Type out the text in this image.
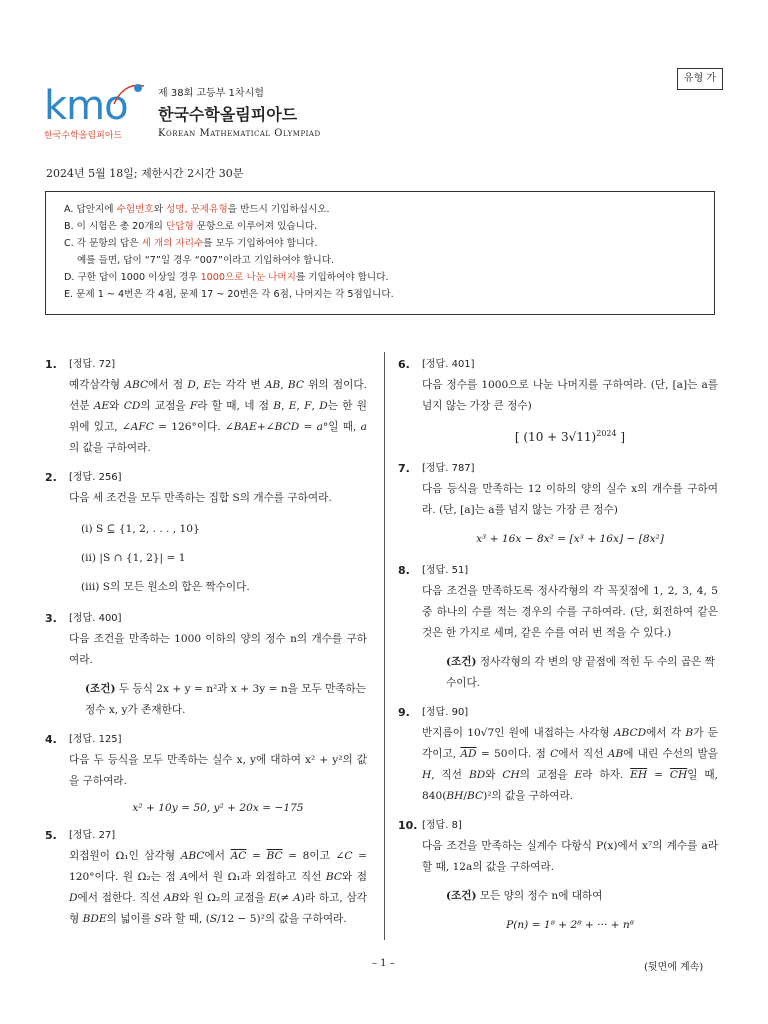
kmo
한국수학올림피아드
제 38회 고등부 1차시험
한국수학올림피아드
Korean Mathematical Olympiad
유형 가
2024년 5월 18일; 제한시간 2시간 30분

A. 답안지에 수험번호와 성명, 문제유형을 반드시 기입하십시오.

B. 이 시험은 총 20개의 단답형 문항으로 이루어져 있습니다.

C. 각 문항의 답은 세 개의 자리수를 모두 기입하여야 합니다.

예를 들면, 답이 “7”일 경우 “007”이라고 기입하여야 합니다.

D. 구한 답이 1000 이상일 경우 1000으로 나눈 나머지를 기입하여야 합니다.

E. 문제 1 ~ 4번은 각 4점, 문제 17 ~ 20번은 각 6점, 나머지는 각 5점입니다.

1. [정답. 72]
예각삼각형 ABC에서 점 D, E는 각각 변 AB, BC 위의 점이다. 선분 AE와 CD의 교점을 F라 할 때, 네 점 B, E, F, D는 한 원 위에 있고, ∠AFC = 126°이다. ∠BAE+∠BCD = a°일 때, a의 값을 구하여라.
2. [정답. 256]
다음 세 조건을 모두 만족하는 집합 S의 개수를 구하여라.
(i) S ⊆ {1, 2, . . . , 10}
(ii) |S ∩ {1, 2}| = 1
(iii) S의 모든 원소의 합은 짝수이다.
3. [정답. 400]
다음 조건을 만족하는 1000 이하의 양의 정수 n의 개수를 구하여라.
(조건) 두 등식 2x + y = n²과 x + 3y = n을 모두 만족하는 정수 x, y가 존재한다.
4. [정답. 125]
다음 두 등식을 모두 만족하는 실수 x, y에 대하여 x² + y²의 값을 구하여라.
x² + 10y = 50, y² + 20x = −175
5. [정답. 27]
외접원이 Ω₁인 삼각형 ABC에서 $\overline{AC} = \overline{BC} = 8$이고 ∠C = 120°이다. 원 Ω₂는 점 A에서 원 Ω₁과 외접하고 직선 BC와 점 D에서 접한다. 직선 AB와 원 Ω₂의 교점을 E(≠ A)라 하고, 삼각형 BDE의 넓이를 S라 할 때, (S/12 − 5)²의 값을 구하여라.
6. [정답. 401]
다음 정수를 1000으로 나눈 나머지를 구하여라. (단, [a]는 a를 넘지 않는 가장 큰 정수)
[ $(10 + 3√11)^{2024}$ ]
7. [정답. 787]
다음 등식을 만족하는 12 이하의 양의 실수 x의 개수를 구하여라. (단, [a]는 a를 넘지 않는 가장 큰 정수)
x³ + 16x − 8x² = [x³ + 16x] − [8x²]
8. [정답. 51]
다음 조건을 만족하도록 정사각형의 각 꼭짓점에 1, 2, 3, 4, 5 중 하나의 수를 적는 경우의 수를 구하여라. (단, 회전하여 같은 것은 한 가지로 세며, 같은 수를 여러 번 적을 수 있다.)
(조건) 정사각형의 각 변의 양 끝점에 적힌 두 수의 곱은 짝수이다.
9. [정답. 90]
반지름이 10√7인 원에 내접하는 사각형 ABCD에서 각 B가 둔각이고, $\overline{AD} = 50$이다. 점 C에서 직선 AB에 내린 수선의 발을 H, 직선 BD와 CH의 교점을 E라 하자. $\overline{EH} = \overline{CH}$일 때, 840(BH/BC)²의 값을 구하여라.
10. [정답. 8]
다음 조건을 만족하는 실계수 다항식 P(x)에서 x⁷의 계수를 a라 할 때, 12a의 값을 구하여라.
(조건) 모든 양의 정수 n에 대하여
P(n) = 1⁸ + 2⁸ + ··· + n⁸
– 1 –	(뒷면에 계속)
